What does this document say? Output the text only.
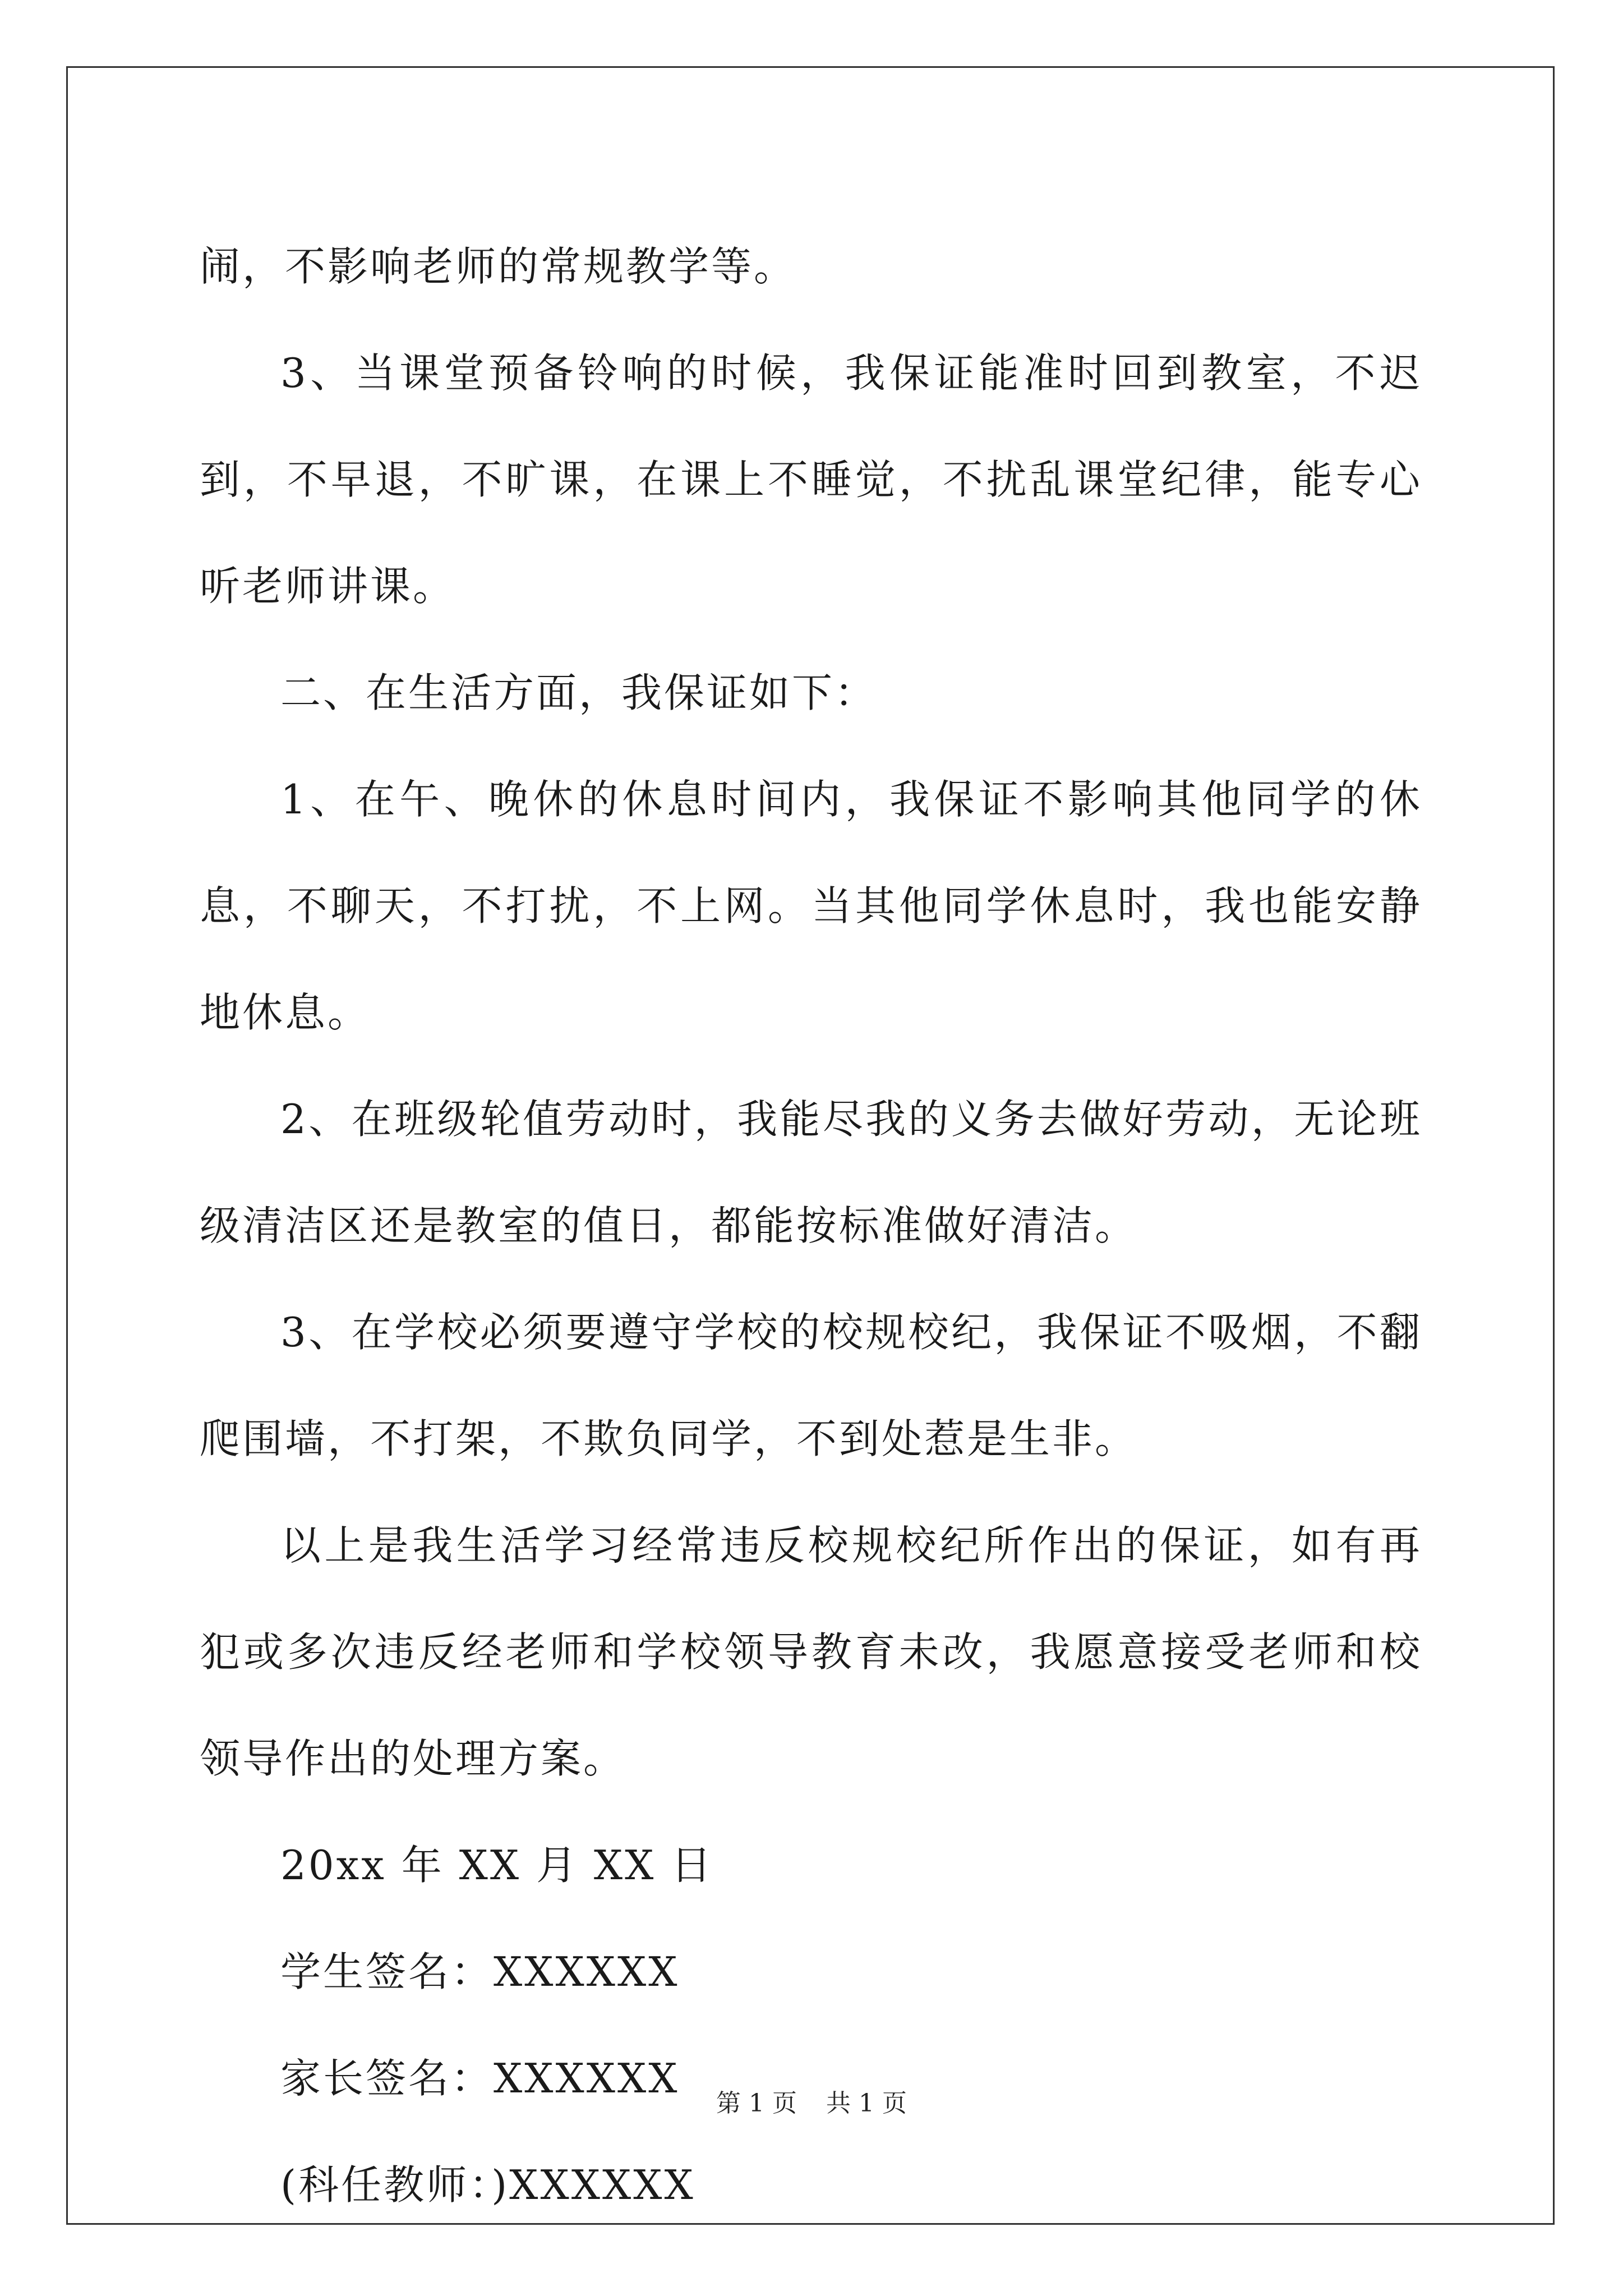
闹，不影响老师的常规教学等。

3、当课堂预备铃响的时候，我保证能准时回到教室，不迟到，不早退，不旷课，在课上不睡觉，不扰乱课堂纪律，能专心听老师讲课。

二、在生活方面，我保证如下：

1、在午、晚休的休息时间内，我保证不影响其他同学的休息，不聊天，不打扰，不上网。当其他同学休息时，我也能安静地休息。

2、在班级轮值劳动时，我能尽我的义务去做好劳动，无论班级清洁区还是教室的值日，都能按标准做好清洁。

3、在学校必须要遵守学校的校规校纪，我保证不吸烟，不翻爬围墙，不打架，不欺负同学，不到处惹是生非。

以上是我生活学习经常违反校规校纪所作出的保证，如有再犯或多次违反经老师和学校领导教育未改，我愿意接受老师和校领导作出的处理方案。

20xx 年 XX 月 XX 日

学生签名：XXXXXX

家长签名：XXXXXX

(科任教师：)XXXXXX

第 1 页 共 1 页
